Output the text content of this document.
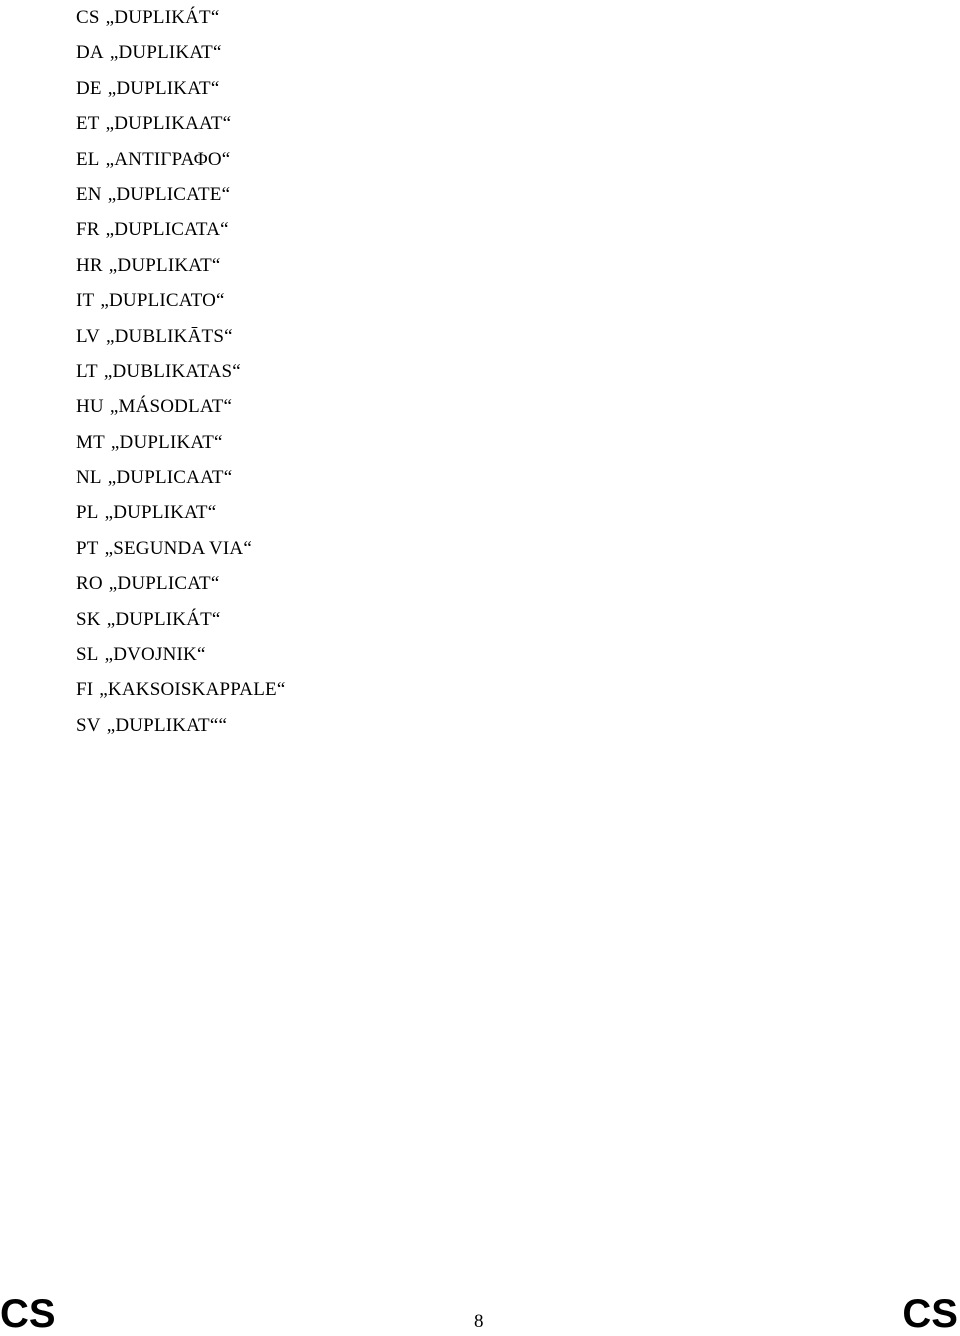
CS „DUPLIKÁT“
DA „DUPLIKAT“
DE „DUPLIKAT“
ET „DUPLIKAAT“
EL „ΑΝΤΙΓΡΑΦΟ“
EN „DUPLICATE“
FR „DUPLICATA“
HR „DUPLIKAT“
IT „DUPLICATO“
LV „DUBLIKĀTS“
LT „DUBLIKATAS“
HU „MÁSODLAT“
MT „DUPLIKAT“
NL „DUPLICAAT“
PL „DUPLIKAT“
PT „SEGUNDA VIA“
RO „DUPLICAT“
SK „DUPLIKÁT“
SL „DVOJNIK“
FI „KAKSOISKAPPALE“
SV „DUPLIKAT““
CS	8	CS
